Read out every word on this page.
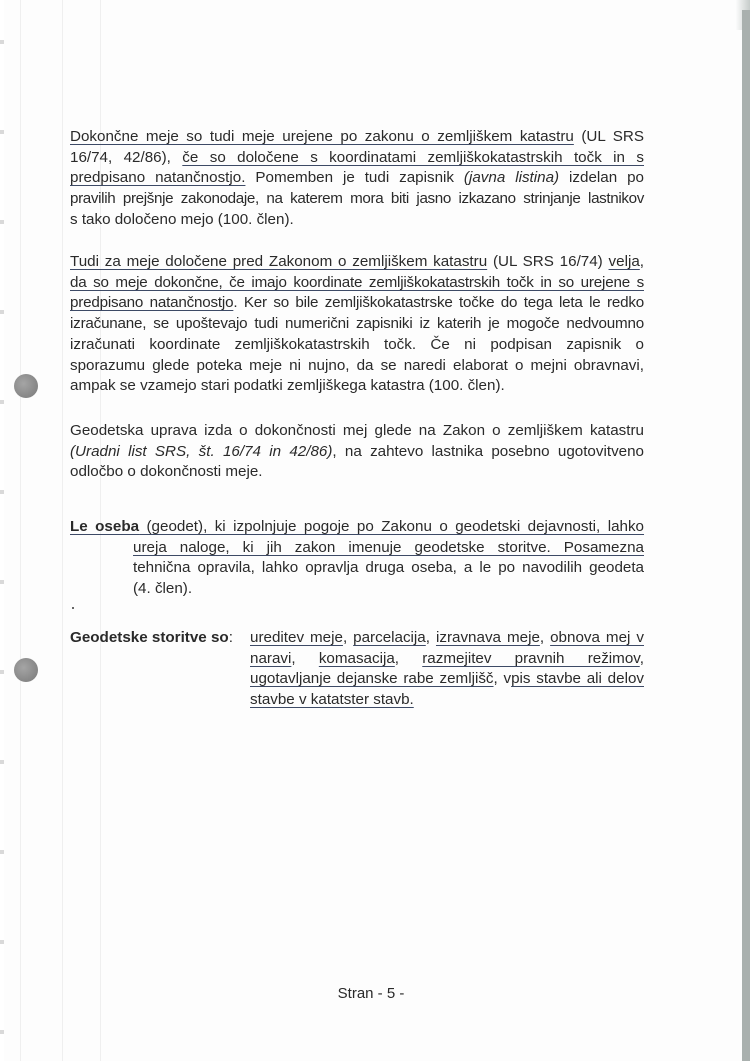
Dokončne meje so tudi meje urejene po zakonu o zemljiškem katastru (UL SRS
16/74, 42/86), če so določene s koordinatami zemljiškokatastrskih točk in s
predpisano natančnostjo. Pomemben je tudi zapisnik (javna listina) izdelan po
pravilih prejšnje zakonodaje, na katerem mora biti jasno izkazano strinjanje lastnikov
s tako določeno mejo (100. člen).
Tudi za meje določene pred Zakonom o zemljiškem katastru (UL SRS 16/74) velja,
da so meje dokončne, če imajo koordinate zemljiškokatastrskih točk in so urejene s
predpisano natančnostjo. Ker so bile zemljiškokatastrske točke do tega leta le redko
izračunane, se upoštevajo tudi numerični zapisniki iz katerih je mogoče nedvoumno
izračunati koordinate zemljiškokatastrskih točk. Če ni podpisan zapisnik o
sporazumu glede poteka meje ni nujno, da se naredi elaborat o mejni obravnavi,
ampak se vzamejo stari podatki zemljiškega katastra (100. člen).
Geodetska uprava izda o dokončnosti mej glede na Zakon o zemljiškem katastru
(Uradni list SRS, št. 16/74 in 42/86), na zahtevo lastnika posebno ugotovitveno
odločbo o dokončnosti meje.
Le oseba (geodet), ki izpolnjuje pogoje po Zakonu o geodetski dejavnosti, lahko
ureja naloge, ki jih zakon imenuje geodetske storitve. Posamezna
tehnična opravila, lahko opravlja druga oseba, a le po navodilih geodeta
(4. člen).
Geodetske storitve so:	ureditev meje, parcelacija, izravnava meje, obnova mej v
naravi, komasacija, razmejitev pravnih režimov,
ugotavljanje dejanske rabe zemljišč, vpis stavbe ali delov
stavbe v katatster stavb.
Stran - 5 -
